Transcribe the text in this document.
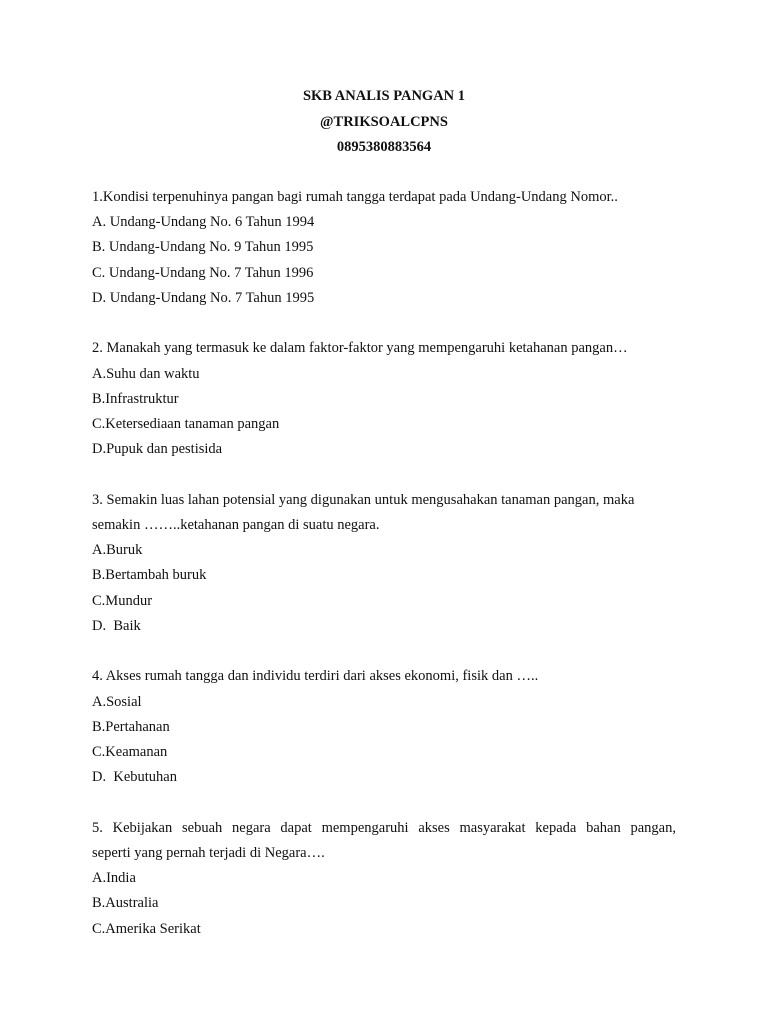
SKB ANALIS PANGAN 1
@TRIKSOALCPNS
0895380883564

1.Kondisi terpenuhinya pangan bagi rumah tangga terdapat pada Undang-Undang Nomor..

A. Undang-Undang No. 6 Tahun 1994
B. Undang-Undang No. 9 Tahun 1995
C. Undang-Undang No. 7 Tahun 1996
D. Undang-Undang No. 7 Tahun 1995

2. Manakah yang termasuk ke dalam faktor-faktor yang mempengaruhi ketahanan pangan…

A.Suhu dan waktu
B.Infrastruktur
C.Ketersediaan tanaman pangan
D.Pupuk dan pestisida

3. Semakin luas lahan potensial yang digunakan untuk mengusahakan tanaman pangan, maka

semakin ……..ketahanan pangan di suatu negara.

A.Buruk
B.Bertambah buruk
C.Mundur
D.  Baik

4. Akses rumah tangga dan individu terdiri dari akses ekonomi, fisik dan …..

A.Sosial
B.Pertahanan
C.Keamanan
D.  Kebutuhan

5. Kebijakan sebuah negara dapat mempengaruhi akses masyarakat kepada bahan pangan,

seperti yang pernah terjadi di Negara….

A.India
B.Australia
C.Amerika Serikat
